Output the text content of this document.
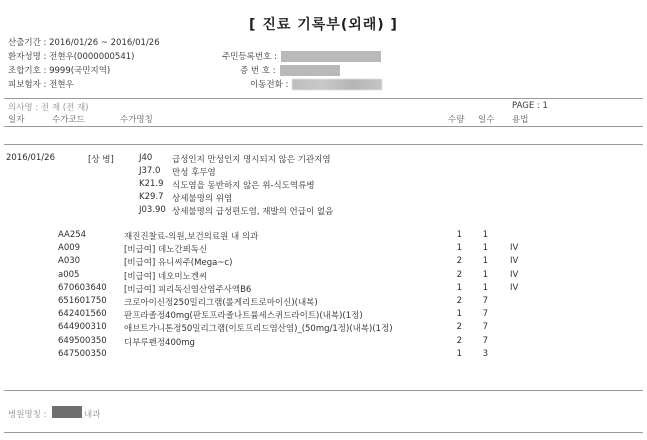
[ 진료 기록부(외래) ]
산출기간 : 2016/01/26 ~ 2016/01/26
환자성명 : 전현우(0000000541)
조합기호 : 9999(국민지역)
피보험자 : 전현우
주민등록번호 :
증 번 호 :
이동전화 :
의사명 : 전 재 (전 재)	PAGE : 1
일자	수가코드	수가명칭	수량 일수 용법
2016/01/26	[상 병]	J40 급성인지 만성인지 명시되지 않은 기관지염
J37.0 만성 후두염
K21.9 식도염을 동반하지 않은 위-식도역류병
K29.7 상세불명의 위염
J03.90 상세불명의 급성편도염, 재발의 언급이 없음
AA254	재진진찰료-의원,보건의료원 내 의과	1	1
A009	[비급여] 데노간푀독신	1	1	IV
A030	[비급여] 유니씨주(Mega~c)	2	1	IV
a005	[비급여] 네오미노겐씨	2	1	IV
670603640 [비급여] 피리독신염산염주사액B6	1	1	IV
651601750 크로아이신정250밀리그램(롤게리트로마이신)(내복)	2	7
642401560 판프라졸정40mg(판토프라졸나트륨세스퀴드라이트)(내복)(1정)	1	7
644900310 애브트가니톤정50밀리그램(이토프리드염산염)_(50mg/1정)(내복)(1정)	2	7
649500350 디부루펜정400mg	2	7
647500350	1	3
병원명칭 :	내과
